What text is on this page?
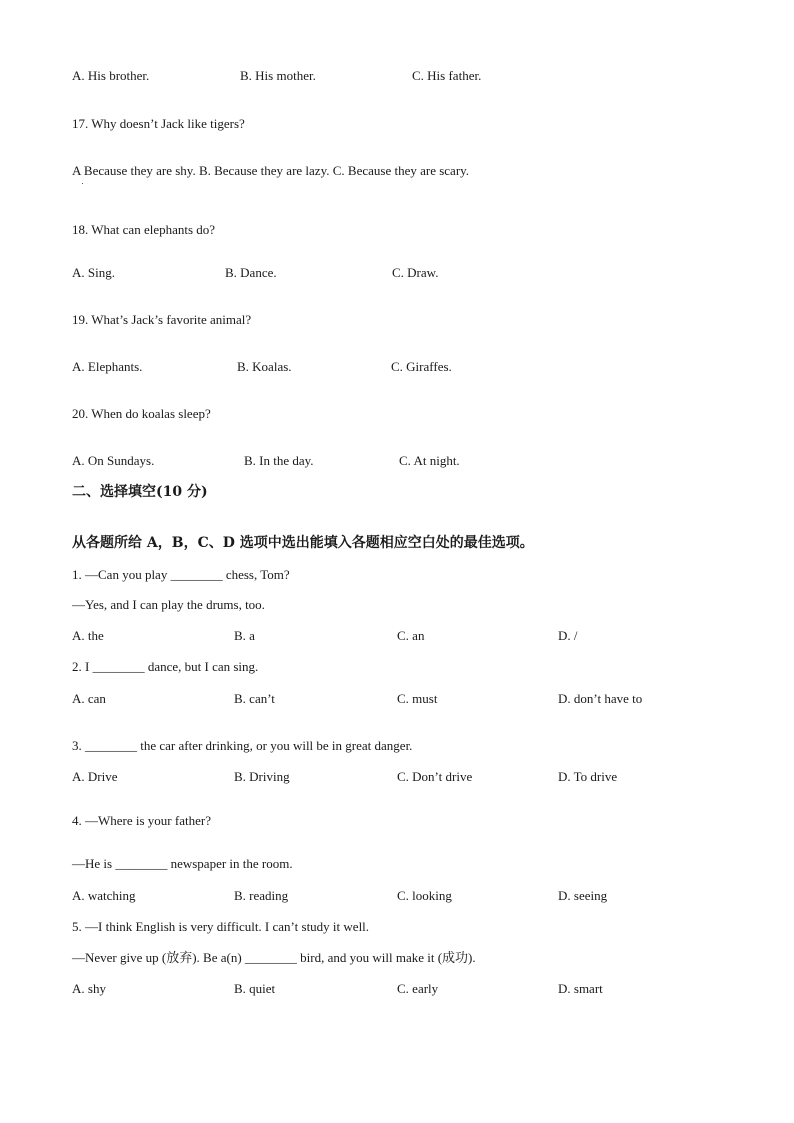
A. His brother.	B. His mother.	C. His father.
17. Why doesn’t Jack like tigers?
A Because they are shy. B. Because they are lazy. C. Because they are scary.
18. What can elephants do?
A. Sing.	B. Dance.	C. Draw.
19. What’s Jack’s favorite animal?
A. Elephants.	B. Koalas.	C. Giraffes.
20. When do koalas sleep?
A. On Sundays.	B. In the day.	C. At night.
二、选择填空(10 分)
从各题所给 A，B，C、D 选项中选出能填入各题相应空白处的最佳选项。
1. —Can you play ________ chess, Tom?
—Yes, and I can play the drums, too.
A. the	B. a	C. an	D. /
2. I ________ dance, but I can sing.
A. can	B. can’t	C. must	D. don’t have to
3. ________ the car after drinking, or you will be in great danger.
A. Drive	B. Driving	C. Don’t drive	D. To drive
4. —Where is your father?
—He is ________ newspaper in the room.
A. watching	B. reading	C. looking	D. seeing
5. —I think English is very difficult. I can’t study it well.
—Never give up (放弃). Be a(n) ________ bird, and you will make it (成功).
A. shy	B. quiet	C. early	D. smart
